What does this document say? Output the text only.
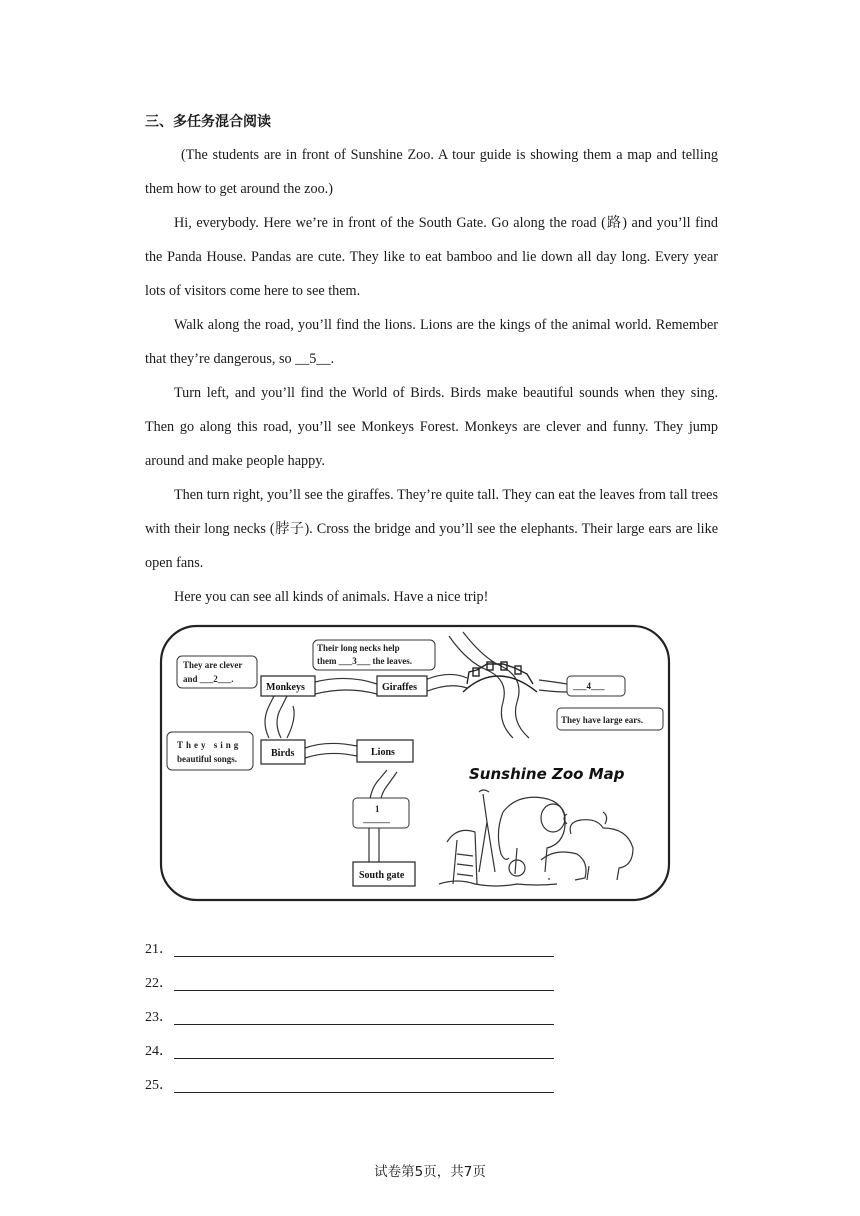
三、多任务混合阅读

(The students are in front of Sunshine Zoo. A tour guide is showing them a map and telling them how to get around the zoo.)

Hi, everybody. Here we’re in front of the South Gate. Go along the road (路) and you’ll find the Panda House. Pandas are cute. They like to eat bamboo and lie down all day long. Every year lots of visitors come here to see them.

Walk along the road, you’ll find the lions. Lions are the kings of the animal world. Remember that they’re dangerous, so __5__.

Turn left, and you’ll find the World of Birds. Birds make beautiful sounds when they sing. Then go along this road, you’ll see Monkeys Forest. Monkeys are clever and funny. They jump around and make people happy.

Then turn right, you’ll see the giraffes. They’re quite tall. They can eat the leaves from tall trees with their long necks (脖子). Cross the bridge and you’ll see the elephants. Their large ears are like open fans.

Here you can see all kinds of animals. Have a nice trip!

They are clever
and ___2___.
Their long necks help
them ___3___ the leaves.
___4___
They have large ears.
They sing
beautiful songs.
1
______
Monkeys	Giraffes
Birds	Lions
South gate
Sunshine Zoo Map
21．
22．
23．
24．
25．
试卷第5页，共7页
